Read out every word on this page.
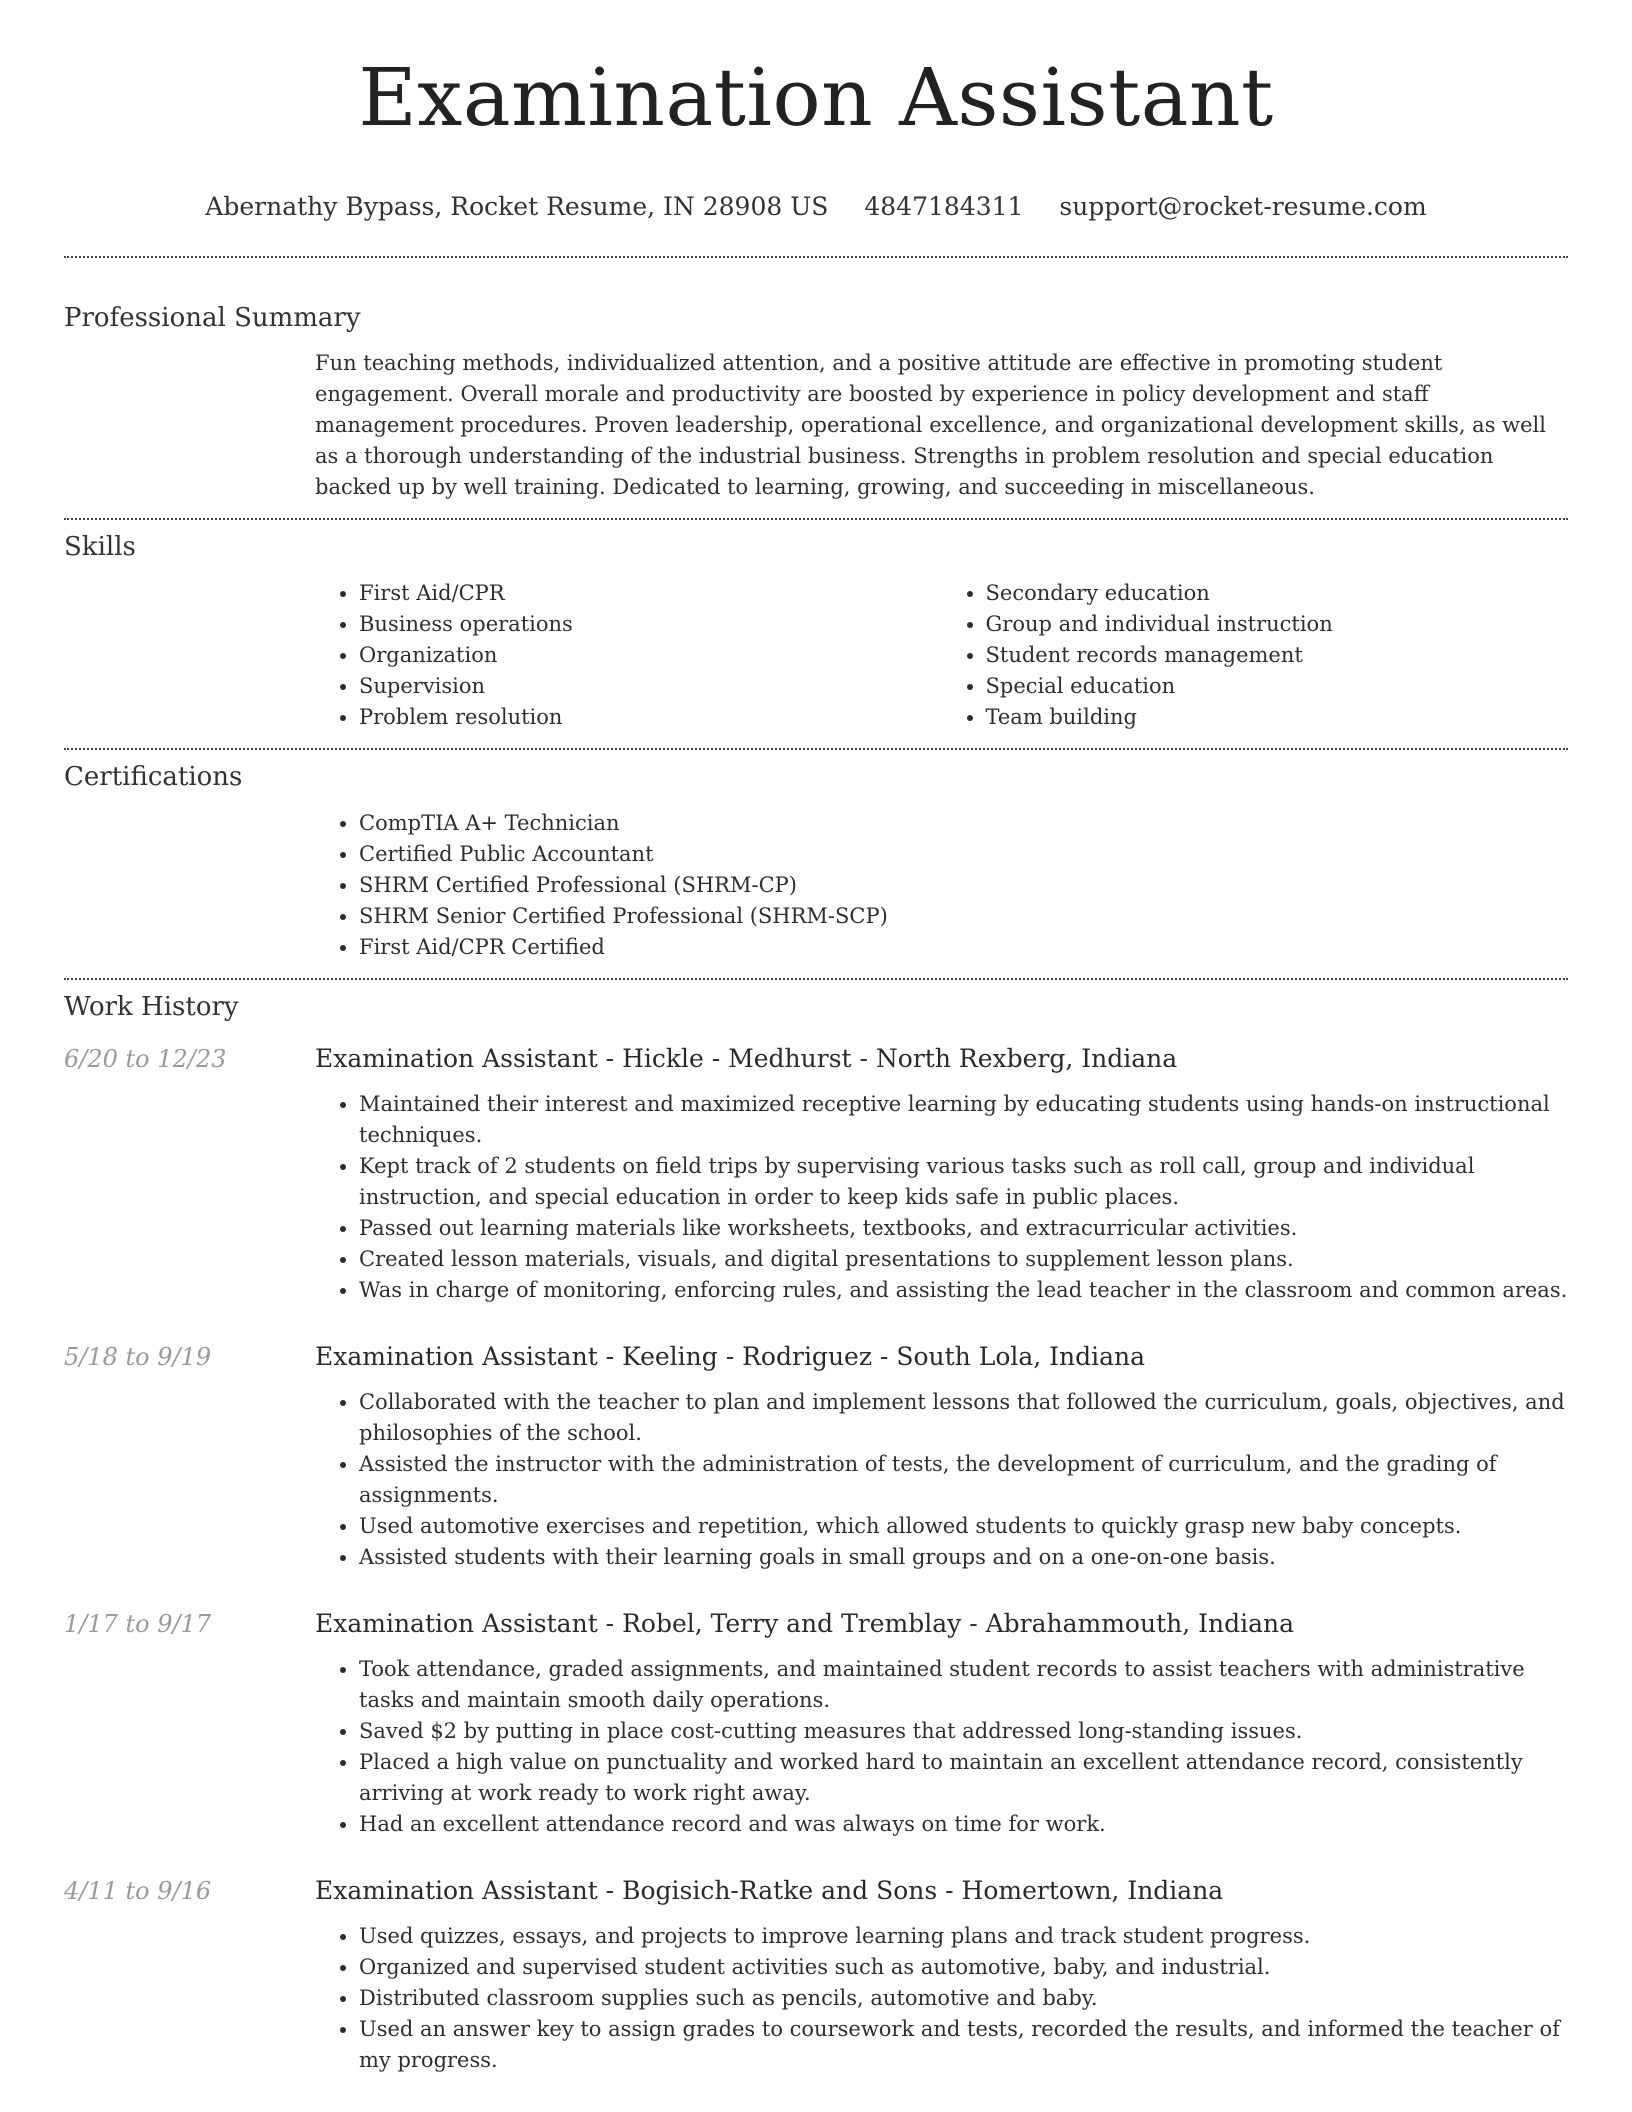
Examination Assistant
Abernathy Bypass, Rocket Resume, IN 28908 US 4847184311 support@rocket-resume.com
Professional Summary
Fun teaching methods, individualized attention, and a positive attitude are effective in promoting student engagement. Overall morale and productivity are boosted by experience in policy development and staff management procedures. Proven leadership, operational excellence, and organizational development skills, as well as a thorough understanding of the industrial business. Strengths in problem resolution and special education backed up by well training. Dedicated to learning, growing, and succeeding in miscellaneous.
Skills
• First Aid/CPR
• Business operations
• Organization
• Supervision
• Problem resolution
• Secondary education
• Group and individual instruction
• Student records management
• Special education
• Team building
Certifications
• CompTIA A+ Technician
• Certified Public Accountant
• SHRM Certified Professional (SHRM-CP)
• SHRM Senior Certified Professional (SHRM-SCP)
• First Aid/CPR Certified
Work History
6/20 to 12/23	Examination Assistant - Hickle - Medhurst - North Rexberg, Indiana
• Maintained their interest and maximized receptive learning by educating students using hands-on instructional techniques.
• Kept track of 2 students on field trips by supervising various tasks such as roll call, group and individual instruction, and special education in order to keep kids safe in public places.
• Passed out learning materials like worksheets, textbooks, and extracurricular activities.
• Created lesson materials, visuals, and digital presentations to supplement lesson plans.
• Was in charge of monitoring, enforcing rules, and assisting the lead teacher in the classroom and common areas.
5/18 to 9/19	Examination Assistant - Keeling - Rodriguez - South Lola, Indiana
• Collaborated with the teacher to plan and implement lessons that followed the curriculum, goals, objectives, and philosophies of the school.
• Assisted the instructor with the administration of tests, the development of curriculum, and the grading of assignments.
• Used automotive exercises and repetition, which allowed students to quickly grasp new baby concepts.
• Assisted students with their learning goals in small groups and on a one-on-one basis.
1/17 to 9/17	Examination Assistant - Robel, Terry and Tremblay - Abrahammouth, Indiana
• Took attendance, graded assignments, and maintained student records to assist teachers with administrative tasks and maintain smooth daily operations.
• Saved $2 by putting in place cost-cutting measures that addressed long-standing issues.
• Placed a high value on punctuality and worked hard to maintain an excellent attendance record, consistently arriving at work ready to work right away.
• Had an excellent attendance record and was always on time for work.
4/11 to 9/16	Examination Assistant - Bogisich-Ratke and Sons - Homertown, Indiana
• Used quizzes, essays, and projects to improve learning plans and track student progress.
• Organized and supervised student activities such as automotive, baby, and industrial.
• Distributed classroom supplies such as pencils, automotive and baby.
• Used an answer key to assign grades to coursework and tests, recorded the results, and informed the teacher of my progress.
